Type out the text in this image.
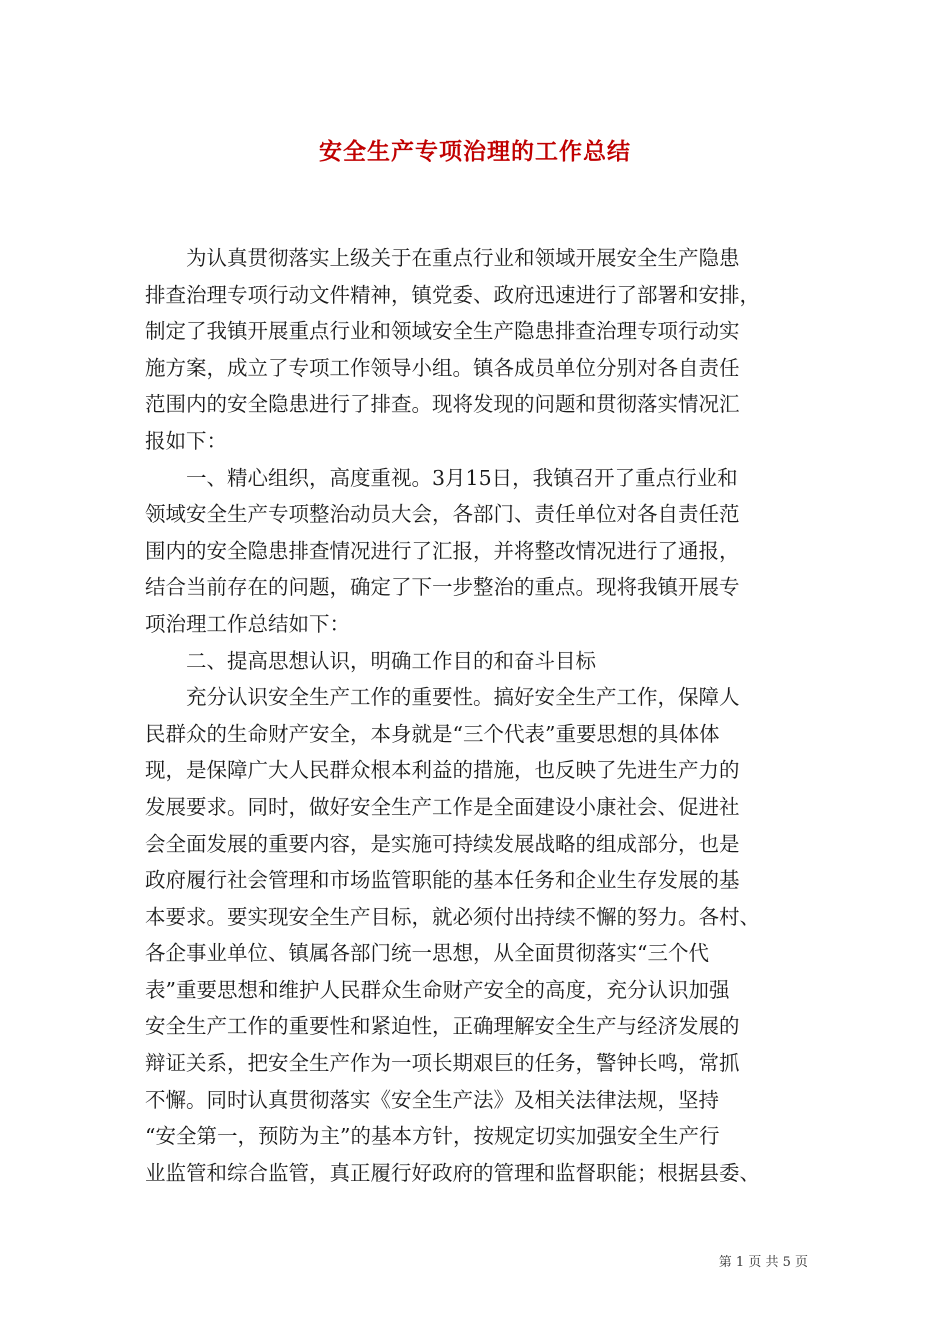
安全生产专项治理的工作总结
　　为认真贯彻落实上级关于在重点行业和领域开展安全生产隐患
排查治理专项行动文件精神，镇党委、政府迅速进行了部署和安排，
制定了我镇开展重点行业和领域安全生产隐患排查治理专项行动实
施方案，成立了专项工作领导小组。镇各成员单位分别对各自责任
范围内的安全隐患进行了排查。现将发现的问题和贯彻落实情况汇
报如下：
　　一、精心组织，高度重视。3月15日，我镇召开了重点行业和
领域安全生产专项整治动员大会，各部门、责任单位对各自责任范
围内的安全隐患排查情况进行了汇报，并将整改情况进行了通报，
结合当前存在的问题，确定了下一步整治的重点。现将我镇开展专
项治理工作总结如下：
　　二、提高思想认识，明确工作目的和奋斗目标
　　充分认识安全生产工作的重要性。搞好安全生产工作，保障人
民群众的生命财产安全，本身就是“三个代表”重要思想的具体体
现，是保障广大人民群众根本利益的措施，也反映了先进生产力的
发展要求。同时，做好安全生产工作是全面建设小康社会、促进社
会全面发展的重要内容，是实施可持续发展战略的组成部分，也是
政府履行社会管理和市场监管职能的基本任务和企业生存发展的基
本要求。要实现安全生产目标，就必须付出持续不懈的努力。各村、
各企事业单位、镇属各部门统一思想，从全面贯彻落实“三个代
表”重要思想和维护人民群众生命财产安全的高度，充分认识加强
安全生产工作的重要性和紧迫性，正确理解安全生产与经济发展的
辩证关系，把安全生产作为一项长期艰巨的任务，警钟长鸣，常抓
不懈。同时认真贯彻落实《安全生产法》及相关法律法规，坚持
“安全第一，预防为主”的基本方针，按规定切实加强安全生产行
业监管和综合监管，真正履行好政府的管理和监督职能；根据县委、
第 1 页 共 5 页
